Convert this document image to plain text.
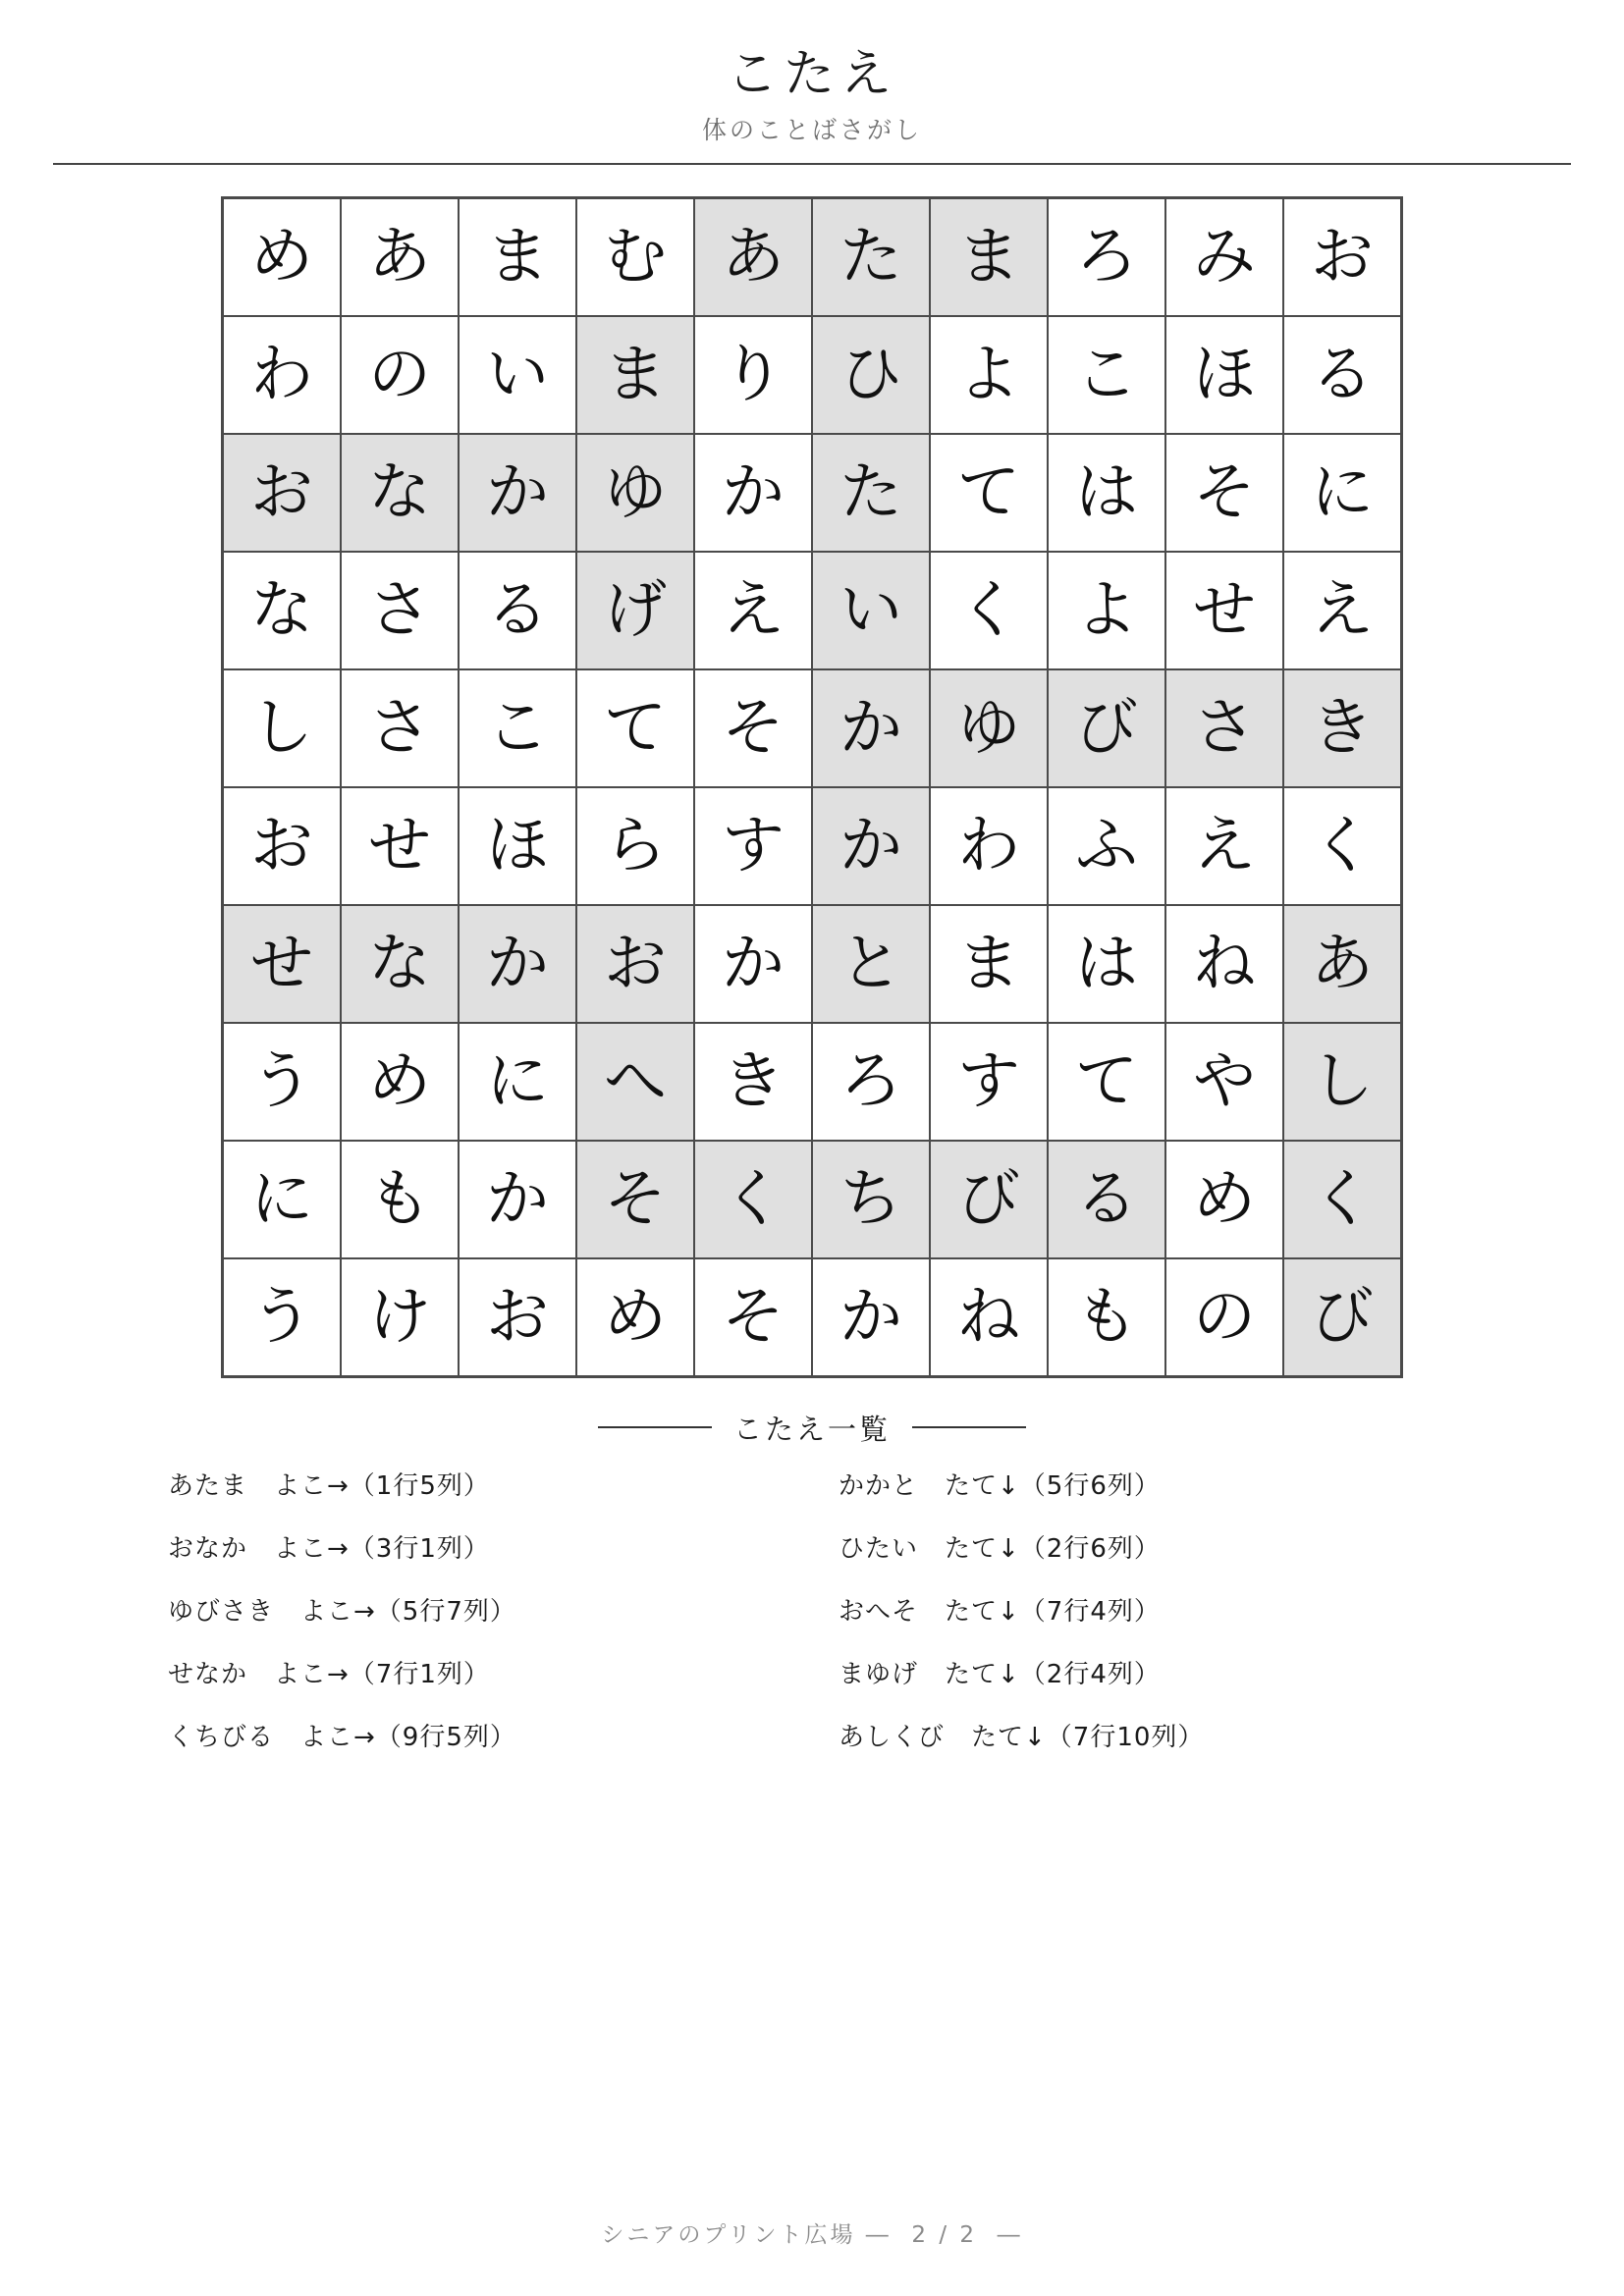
こたえ
体のことばさがし
め	あ	ま	む	あ	た	ま	ろ	み	お
わ	の	い	ま	り	ひ	よ	こ	ほ	る
お	な	か	ゆ	か	た	て	は	そ	に
な	さ	る	げ	え	い	く	よ	せ	え
し	さ	こ	て	そ	か	ゆ	び	さ	き
お	せ	ほ	ら	す	か	わ	ふ	え	く
せ	な	か	お	か	と	ま	は	ね	あ
う	め	に	へ	き	ろ	す	て	や	し
に	も	か	そ	く	ち	び	る	め	く
う	け	お	め	そ	か	ね	も	の	び
こたえ一覧
あたま　よこ→（1行5列）
おなか　よこ→（3行1列）
ゆびさき　よこ→（5行7列）
せなか　よこ→（7行1列）
くちびる　よこ→（9行5列）
かかと　たて↓（5行6列）
ひたい　たて↓（2行6列）
おへそ　たて↓（7行4列）
まゆげ　たて↓（2行4列）
あしくび　たて↓（7行10列）
シニアのプリント広場 ―  2 / 2  ―
